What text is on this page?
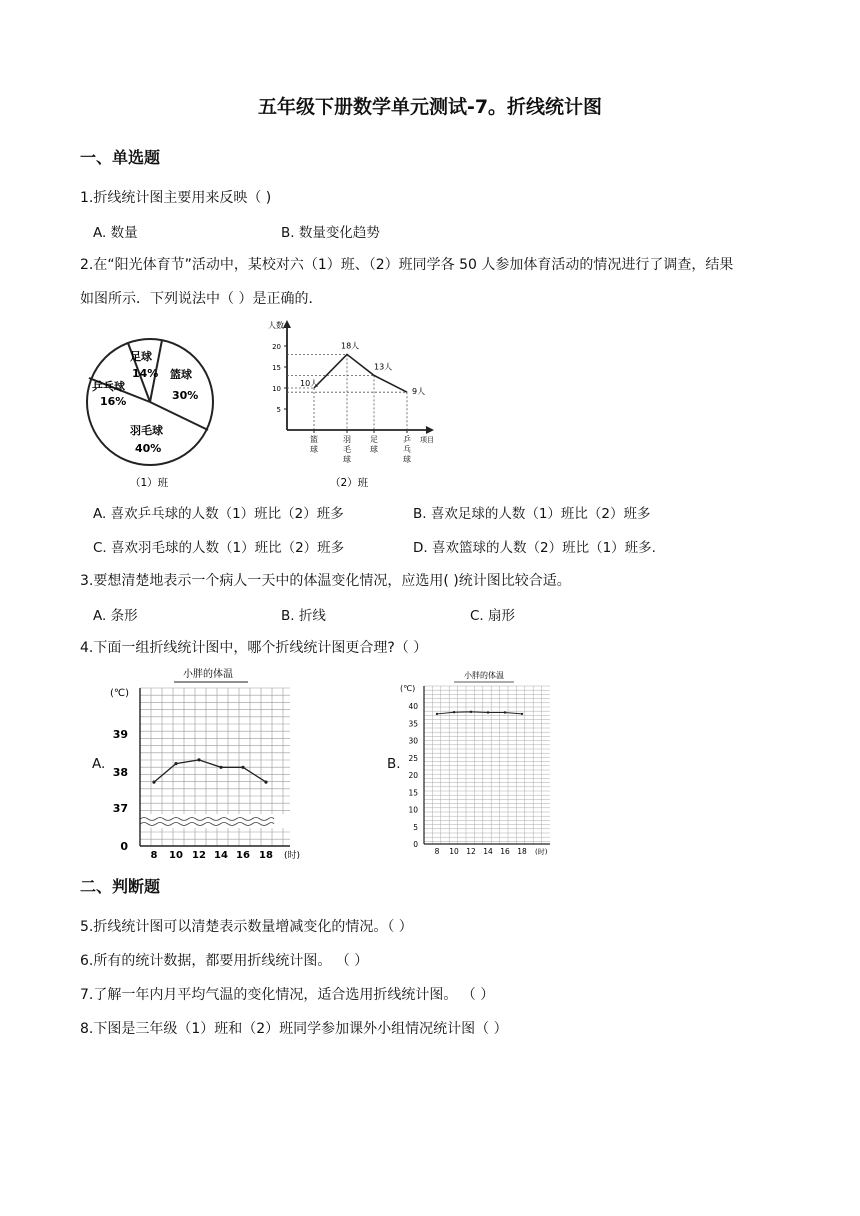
五年级下册数学单元测试-7。折线统计图
一、单选题
1.折线统计图主要用来反映（ )
A. 数量	B. 数量变化趋势
2.在“阳光体育节”活动中，某校对六（1）班、（2）班同学各 50 人参加体育活动的情况进行了调查，结果
如图所示．下列说法中（ ）是正确的．
足球
14% 篮球
30%
羽毛球
40%
乒乓球
16%
（1）班
人数
项目
5
10
15
20
10人
18人
13人
9人
篮球
羽毛球
足球
乒乓球
（2）班
A. 喜欢乒乓球的人数（1）班比（2）班多	B. 喜欢足球的人数（1）班比（2）班多
C. 喜欢羽毛球的人数（1）班比（2）班多	D. 喜欢篮球的人数（2）班比（1）班多.
3.要想清楚地表示一个病人一天中的体温变化情况，应选用( )统计图比较合适。
A. 条形	B. 折线	C. 扇形
4.下面一组折线统计图中，哪个折线统计图更合理?（ ）
A.	B.
小胖的体温
(℃)
0
37
38
39
8 10 12 14 16 18 (时)
小胖的体温
(℃)
0
5
10
15
20
25
30
35
40
8 10 12 14 16 18 (时)
二、判断题
5.折线统计图可以清楚表示数量增减变化的情况。（ ）
6.所有的统计数据，都要用折线统计图。 （ ）
7.了解一年内月平均气温的变化情况，适合选用折线统计图。 （ ）
8.下图是三年级（1）班和（2）班同学参加课外小组情况统计图（ ）
